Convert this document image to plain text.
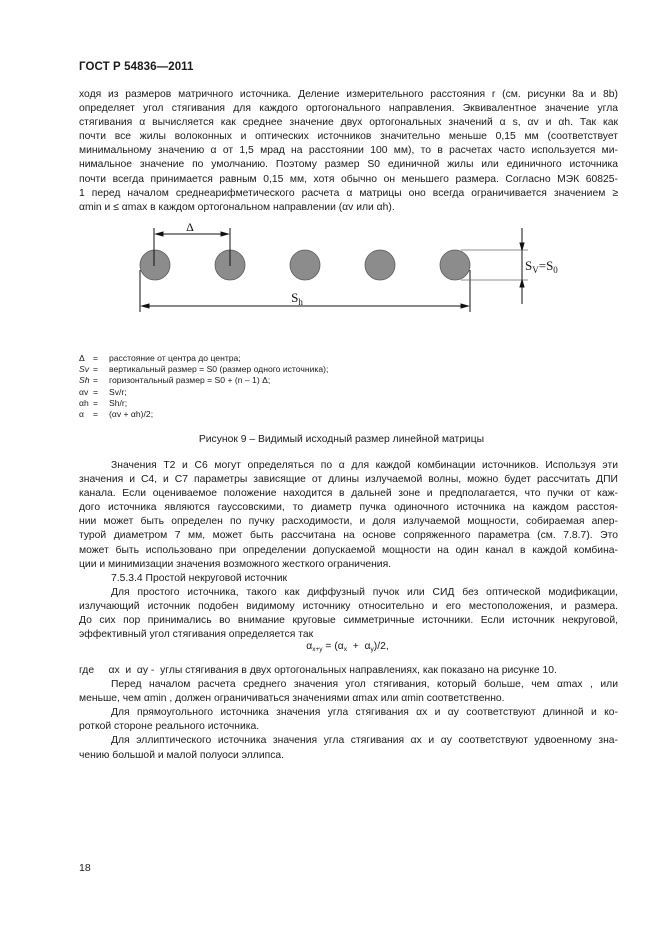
ГОСТ Р 54836—2011
ходя из размеров матричного источника. Деление измерительного расстояния r (см. рисунки 8а и 8b)
определяет угол стягивания для каждого ортогонального направления. Эквивалентное значение угла
стягивания α вычисляется как среднее значение двух ортогональных значений α s, αv и αh. Так как
почти все жилы волоконных и оптических источников значительно меньше 0,15 мм (соответствует
минимальному значению α от 1,5 мрад на расстоянии 100 мм), то в расчетах часто используется ми-
нимальное значение по умолчанию. Поэтому размер S0 единичной жилы или единичного источника
почти всегда принимается равным 0,15 мм, хотя обычно он меньшего размера. Согласно МЭК 60825-
1 перед началом среднеарифметического расчета α матрицы оно всегда ограничивается значением ≥
αmin и ≤ αmax в каждом ортогональном направлении (αv или αh).
Δ
$S_h$
$S_V=S_0$
Δ =	расстояние от центра до центра;
Sv =	вертикальный размер = S0 (размер одного источника);
Sh =	горизонтальный размер = S0 + (n – 1) Δ;
αv =	Sv/r;
αh =	Sh/r;
α	=	(αv + αh)/2;
Рисунок 9 – Видимый исходный размер линейной матрицы
Значения T2 и C6 могут определяться по α для каждой комбинации источников. Используя эти
значения и C4, и C7 параметры зависящие от длины излучаемой волны, можно будет рассчитать ДПИ
канала. Если оцениваемое положение находится в дальней зоне и предполагается, что пучки от каж-
дого источника являются гауссовскими, то диаметр пучка одиночного источника на каждом расстоя-
нии может быть определен по пучку расходимости, и доля излучаемой мощности, собираемая апер-
турой диаметром 7 мм, может быть рассчитана на основе сопряженного параметра (см. 7.8.7). Это
может быть использовано при определении допускаемой мощности на один канал в каждой комбина-
ции и минимизации значения возможного жесткого ограничения.
7.5.3.4 Простой некруговой источник
Для простого источника, такого как диффузный пучок или СИД без оптической модификации,
излучающий источник подобен видимому источнику относительно и его местоположения, и размера.
До сих пор принимались во внимание круговые симметричные источники. Если источник некруговой,
эффективный угол стягивания определяется так
$\alpha_{x+y} = (\alpha_x + \alpha_y)/2$,
где     αx  и  αy -  углы стягивания в двух ортогональных направлениях, как показано на рисунке 10.
Перед началом расчета среднего значения угол стягивания, который больше, чем αmax , или
меньше, чем αmin , должен ограничиваться значениями αmax или αmin соответственно.
Для прямоугольного источника значения угла стягивания αx и αy соответствуют длинной и ко-
роткой стороне реального источника.
Для эллиптического источника значения угла стягивания αx и αy соответствуют удвоенному зна-
чению большой и малой полуоси эллипса.
18
